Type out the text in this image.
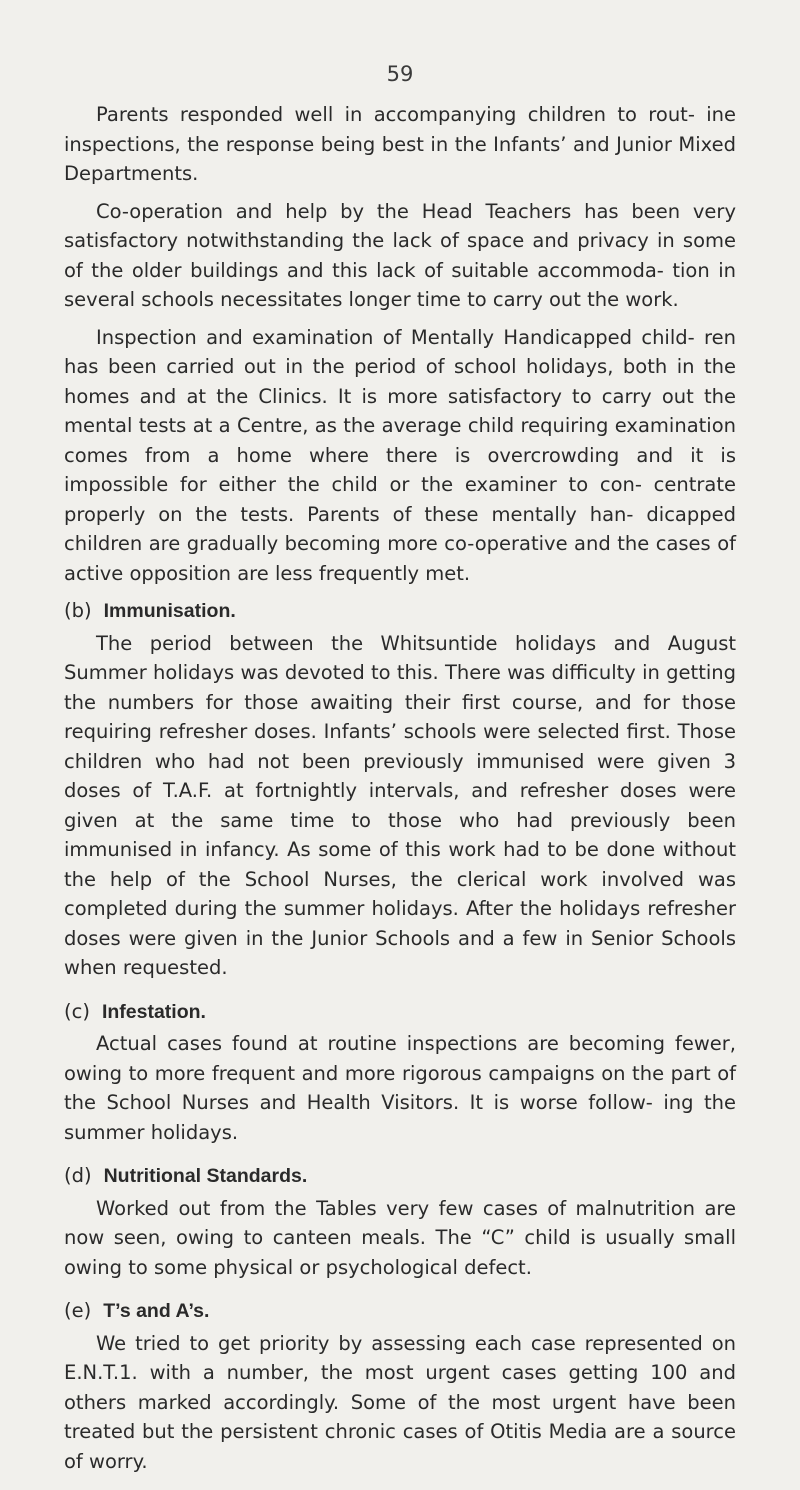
59

Parents responded well in accompanying children to rout- ine inspections, the response being best in the Infants’ and Junior Mixed Departments.

Co-operation and help by the Head Teachers has been very satisfactory notwithstanding the lack of space and privacy in some of the older buildings and this lack of suitable accommoda- tion in several schools necessitates longer time to carry out the work.

Inspection and examination of Mentally Handicapped child- ren has been carried out in the period of school holidays, both in the homes and at the Clinics. It is more satisfactory to carry out the mental tests at a Centre, as the average child requiring examination comes from a home where there is overcrowding and it is impossible for either the child or the examiner to con- centrate properly on the tests. Parents of these mentally han- dicapped children are gradually becoming more co-operative and the cases of active opposition are less frequently met.

(b) Immunisation.

The period between the Whitsuntide holidays and August Summer holidays was devoted to this. There was difficulty in getting the numbers for those awaiting their first course, and for those requiring refresher doses. Infants’ schools were selected first. Those children who had not been previously immunised were given 3 doses of T.A.F. at fortnightly intervals, and refresher doses were given at the same time to those who had previously been immunised in infancy. As some of this work had to be done without the help of the School Nurses, the clerical work involved was completed during the summer holidays. After the holidays refresher doses were given in the Junior Schools and a few in Senior Schools when requested.

(c) Infestation.

Actual cases found at routine inspections are becoming fewer, owing to more frequent and more rigorous campaigns on the part of the School Nurses and Health Visitors. It is worse follow- ing the summer holidays.

(d) Nutritional Standards.

Worked out from the Tables very few cases of malnutrition are now seen, owing to canteen meals. The “C” child is usually small owing to some physical or psychological defect.

(e) T’s and A’s.

We tried to get priority by assessing each case represented on E.N.T.1. with a number, the most urgent cases getting 100 and others marked accordingly. Some of the most urgent have been treated but the persistent chronic cases of Otitis Media are a source of worry.
